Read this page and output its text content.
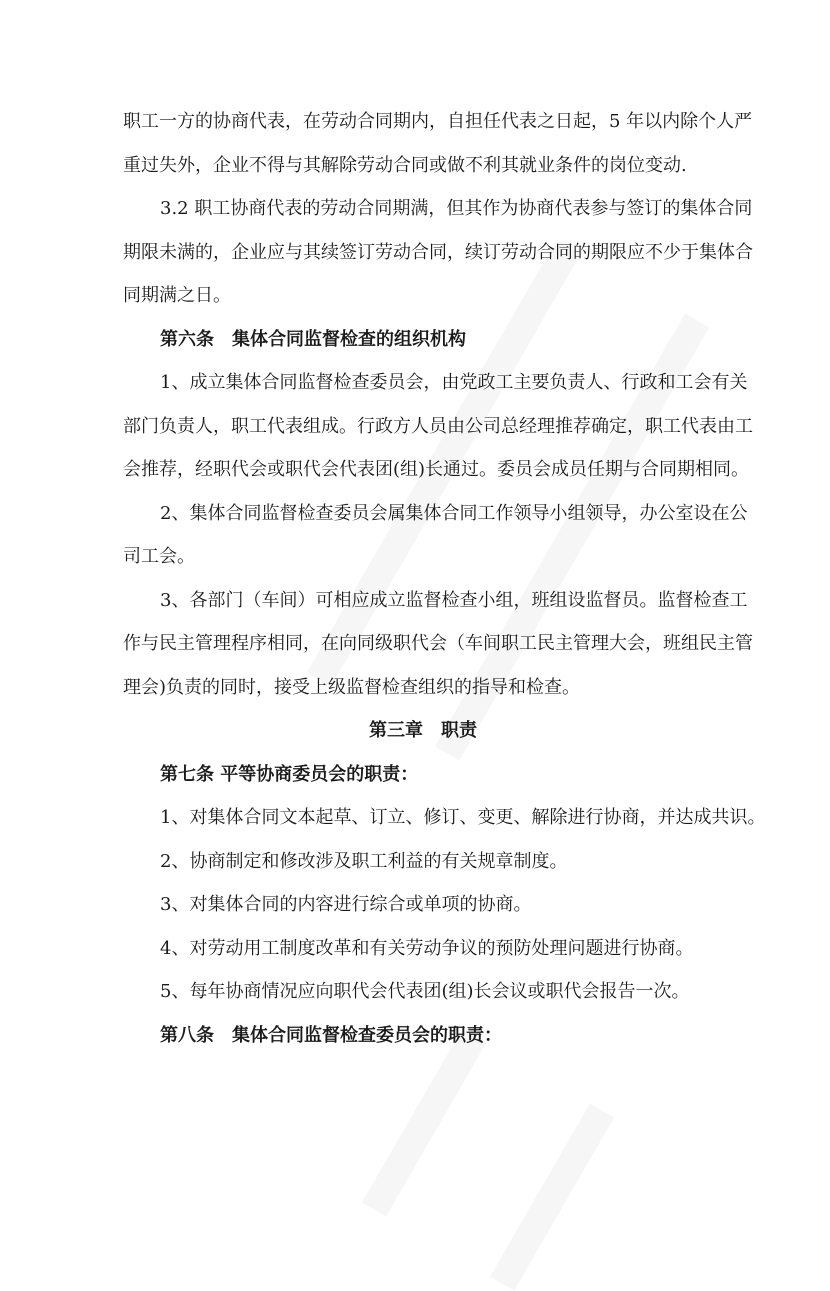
职工一方的协商代表，在劳动合同期内，自担任代表之日起，5 年以内除个人严
重过失外，企业不得与其解除劳动合同或做不利其就业条件的岗位变动.
3.2 职工协商代表的劳动合同期满，但其作为协商代表参与签订的集体合同
期限未满的，企业应与其续签订劳动合同，续订劳动合同的期限应不少于集体合
同期满之日。
第六条　集体合同监督检查的组织机构
1、成立集体合同监督检查委员会，由党政工主要负责人、行政和工会有关
部门负责人，职工代表组成。行政方人员由公司总经理推荐确定，职工代表由工
会推荐，经职代会或职代会代表团(组)长通过。委员会成员任期与合同期相同。
2、集体合同监督检查委员会属集体合同工作领导小组领导，办公室设在公
司工会。
3、各部门（车间）可相应成立监督检查小组，班组设监督员。监督检查工
作与民主管理程序相同，在向同级职代会（车间职工民主管理大会，班组民主管
理会)负责的同时，接受上级监督检查组织的指导和检查。
第三章　职责
第七条 平等协商委员会的职责：
1、对集体合同文本起草、订立、修订、变更、解除进行协商，并达成共识。
2、协商制定和修改涉及职工利益的有关规章制度。
3、对集体合同的内容进行综合或单项的协商。
4、对劳动用工制度改革和有关劳动争议的预防处理问题进行协商。
5、每年协商情况应向职代会代表团(组)长会议或职代会报告一次。
第八条　集体合同监督检查委员会的职责：
